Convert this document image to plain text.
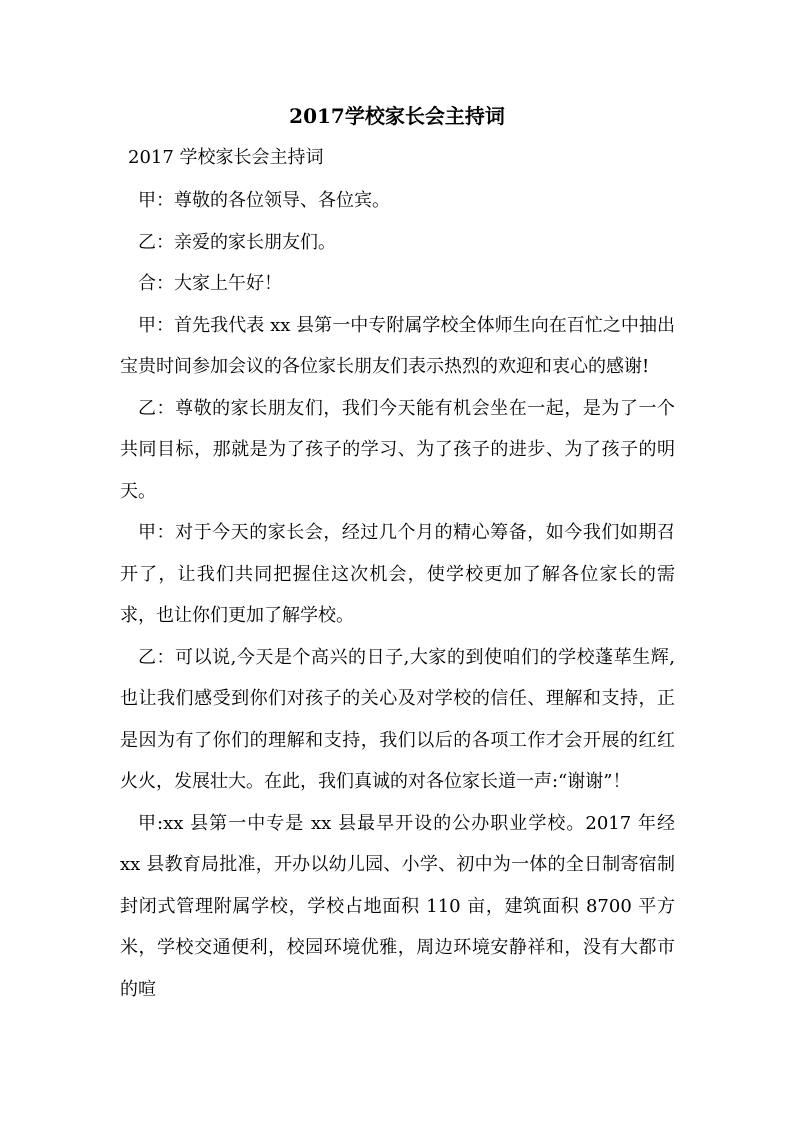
2017学校家长会主持词

2017 学校家长会主持词

甲：尊敬的各位领导、各位宾。

乙：亲爱的家长朋友们。

合：大家上午好！

甲：首先我代表 xx 县第一中专附属学校全体师生向在百忙之中抽出宝贵时间参加会议的各位家长朋友们表示热烈的欢迎和衷心的感谢!

乙：尊敬的家长朋友们，我们今天能有机会坐在一起，是为了一个共同目标，那就是为了孩子的学习、为了孩子的进步、为了孩子的明天。

甲：对于今天的家长会，经过几个月的精心筹备，如今我们如期召开了，让我们共同把握住这次机会，使学校更加了解各位家长的需求，也让你们更加了解学校。

乙：可以说,今天是个高兴的日子,大家的到使咱们的学校蓬荜生辉,也让我们感受到你们对孩子的关心及对学校的信任、理解和支持，正是因为有了你们的理解和支持，我们以后的各项工作才会开展的红红火火，发展壮大。在此，我们真诚的对各位家长道一声:“谢谢”！

甲:xx 县第一中专是 xx 县最早开设的公办职业学校。2017 年经 xx 县教育局批准，开办以幼儿园、小学、初中为一体的全日制寄宿制封闭式管理附属学校，学校占地面积 110 亩，建筑面积 8700 平方米，学校交通便利，校园环境优雅，周边环境安静祥和，没有大都市的喧
